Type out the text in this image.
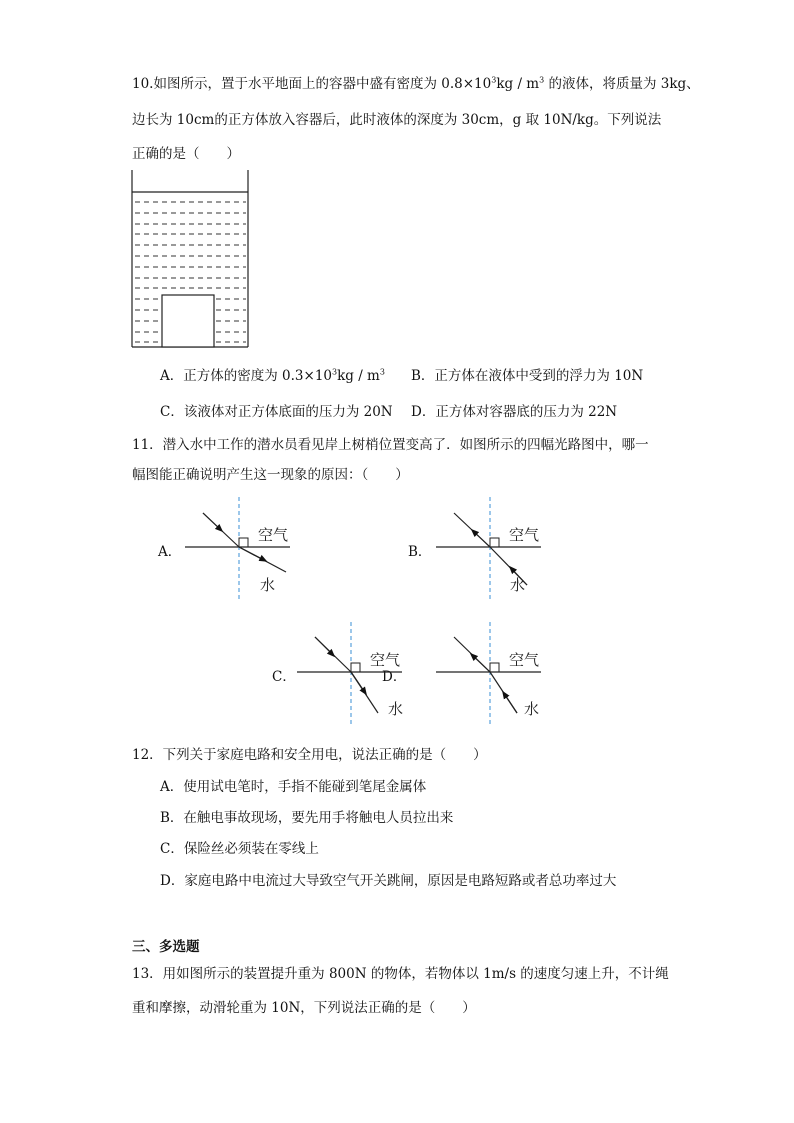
10.如图所示，置于水平地面上的容器中盛有密度为 $0.8\times 10^3kg / m^3$ 的液体，将质量为 3kg、
边长为 10cm的正方体放入容器后，此时液体的深度为 30cm，g 取 10N/kg。下列说法
正确的是（　　）
A．正方体的密度为 $0.3\times 10^3kg / m^3$ B．正方体在液体中受到的浮力为 10N
C．该液体对正方体底面的压力为 20N D．正方体对容器底的压力为 22N
11．潜入水中工作的潜水员看见岸上树梢位置变高了．如图所示的四幅光路图中，哪一
幅图能正确说明产生这一现象的原因：（　　）
A．	B．
C．	D．
空气
水
空气
水
空气
水
空气
水
12．下列关于家庭电路和安全用电，说法正确的是（　　）
A．使用试电笔时，手指不能碰到笔尾金属体
B．在触电事故现场，要先用手将触电人员拉出来
C．保险丝必须装在零线上
D．家庭电路中电流过大导致空气开关跳闸，原因是电路短路或者总功率过大
三、多选题
13．用如图所示的装置提升重为 800N 的物体，若物体以 1m/s 的速度匀速上升，不计绳
重和摩擦，动滑轮重为 10N，下列说法正确的是（　　）
